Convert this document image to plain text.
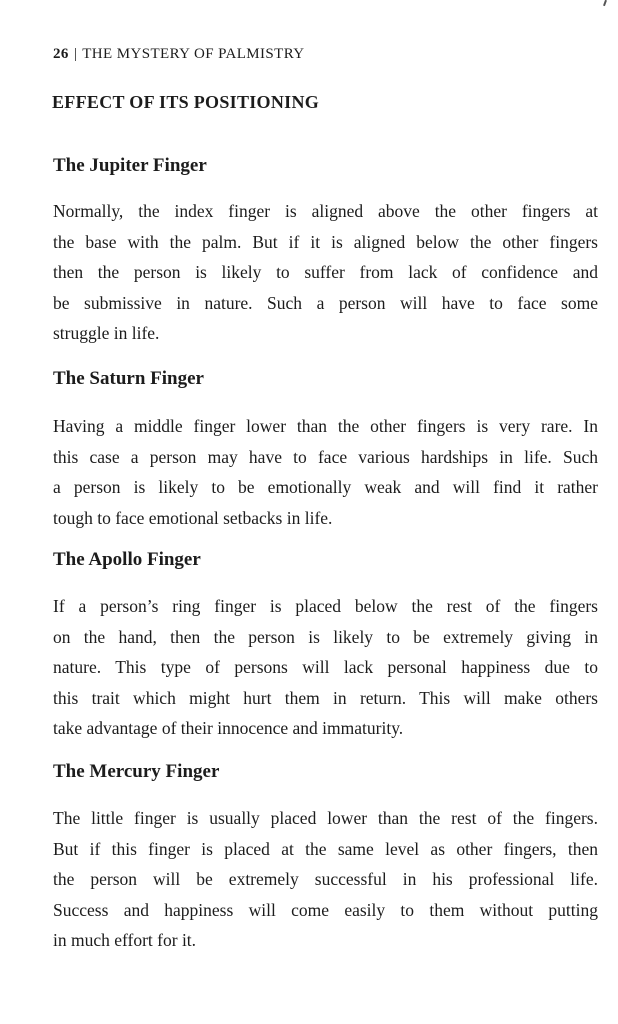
26 | THE MYSTERY OF PALMISTRY
EFFECT OF ITS POSITIONING
The Jupiter Finger

Normally, the index finger is aligned above the other fingers at
the base with the palm. But if it is aligned below the other fingers
then the person is likely to suffer from lack of confidence and
be submissive in nature. Such a person will have to face some
struggle in life.

The Saturn Finger

Having a middle finger lower than the other fingers is very rare. In
this case a person may have to face various hardships in life. Such
a person is likely to be emotionally weak and will find it rather
tough to face emotional setbacks in life.

The Apollo Finger

If a person’s ring finger is placed below the rest of the fingers
on the hand, then the person is likely to be extremely giving in
nature. This type of persons will lack personal happiness due to
this trait which might hurt them in return. This will make others
take advantage of their innocence and immaturity.

The Mercury Finger

The little finger is usually placed lower than the rest of the fingers.
But if this finger is placed at the same level as other fingers, then
the person will be extremely successful in his professional life.
Success and happiness will come easily to them without putting
in much effort for it.
